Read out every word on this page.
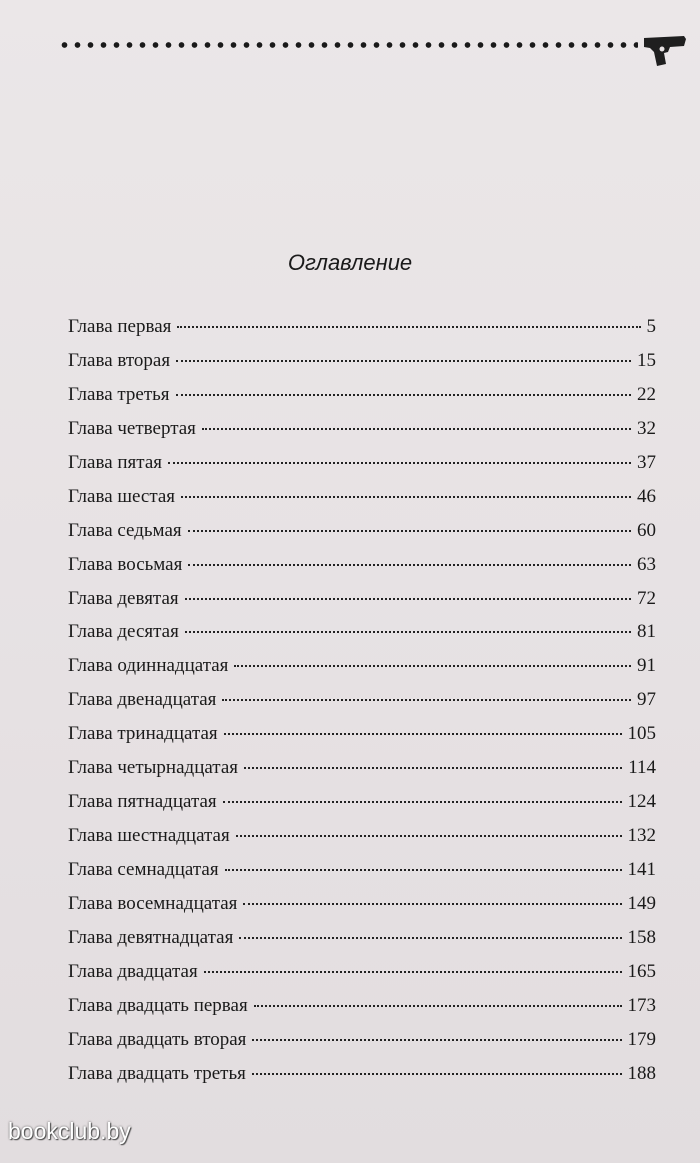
Оглавление
Глава первая	5
Глава вторая	15
Глава третья	22
Глава четвертая	32
Глава пятая	37
Глава шестая	46
Глава седьмая	60
Глава восьмая	63
Глава девятая	72
Глава десятая	81
Глава одиннадцатая	91
Глава двенадцатая	97
Глава тринадцатая	105
Глава четырнадцатая	114
Глава пятнадцатая	124
Глава шестнадцатая	132
Глава семнадцатая	141
Глава восемнадцатая	149
Глава девятнадцатая	158
Глава двадцатая	165
Глава двадцать первая	173
Глава двадцать вторая	179
Глава двадцать третья	188
bookclub.by
